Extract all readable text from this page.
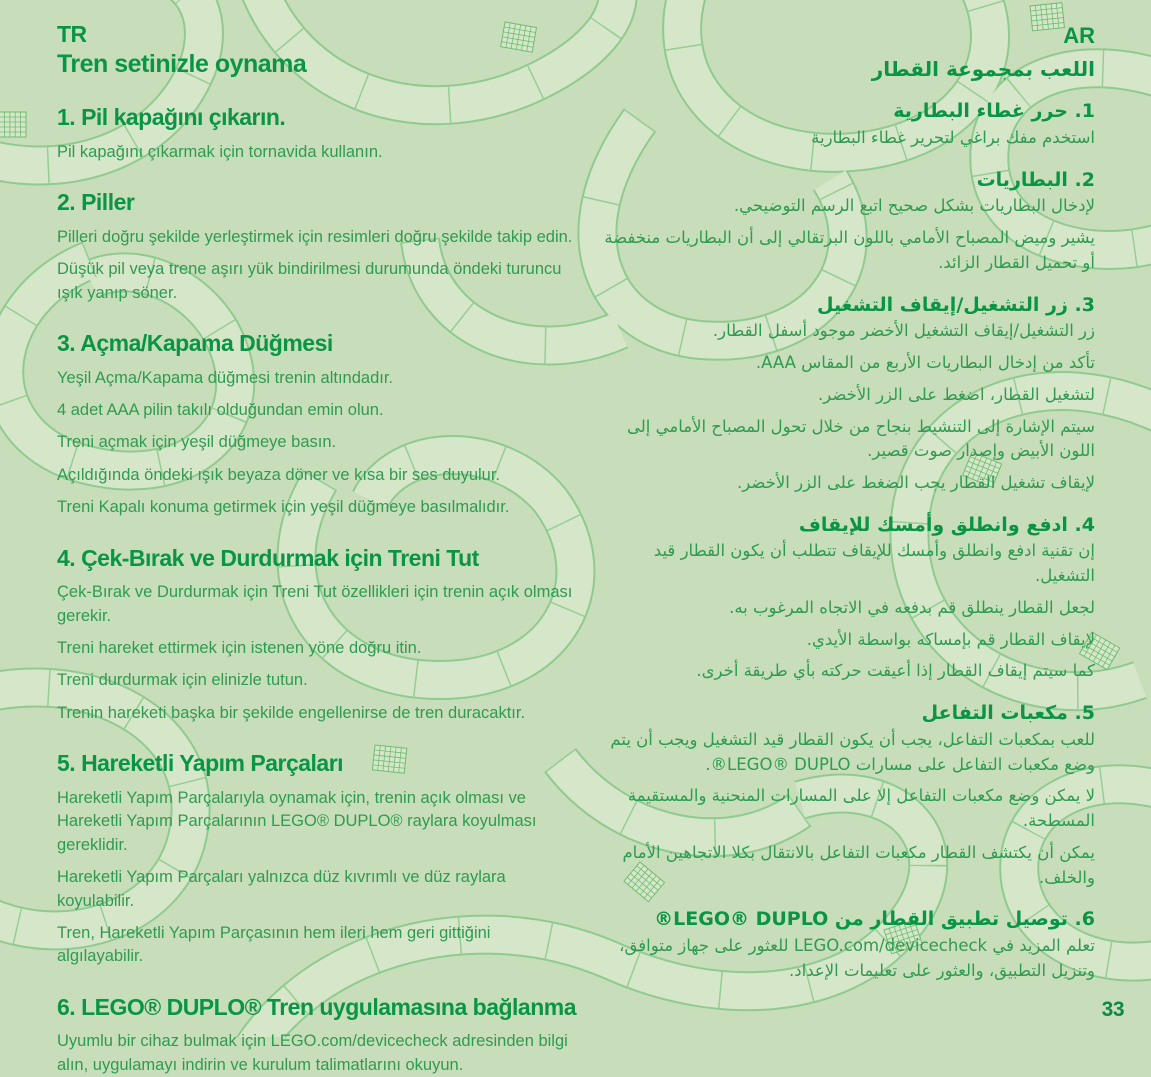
TR
Tren setinizle oynama
1. Pil kapağını çıkarın.

Pil kapağını çıkarmak için tornavida kullanın.

2. Piller

Pilleri doğru şekilde yerleştirmek için resimleri doğru şekilde takip edin.

Düşük pil veya trene aşırı yük bindirilmesi durumunda öndeki turuncu ışık yanıp söner.

3. Açma/Kapama Düğmesi

Yeşil Açma/Kapama düğmesi trenin altındadır.

4 adet AAA pilin takılı olduğundan emin olun.

Treni açmak için yeşil düğmeye basın.

Açıldığında öndeki ışık beyaza döner ve kısa bir ses duyulur.

Treni Kapalı konuma getirmek için yeşil düğmeye basılmalıdır.

4. Çek-Bırak ve Durdurmak için Treni Tut

Çek-Bırak ve Durdurmak için Treni Tut özellikleri için trenin açık olması gerekir.

Treni hareket ettirmek için istenen yöne doğru itin.

Treni durdurmak için elinizle tutun.

Trenin hareketi başka bir şekilde engellenirse de tren duracaktır.

5. Hareketli Yapım Parçaları

Hareketli Yapım Parçalarıyla oynamak için, trenin açık olması ve Hareketli Yapım Parçalarının LEGO® DUPLO® raylara koyulması gereklidir.

Hareketli Yapım Parçaları yalnızca düz kıvrımlı ve düz raylara koyulabilir.

Tren, Hareketli Yapım Parçasının hem ileri hem geri gittiğini algılayabilir.

6. LEGO® DUPLO® Tren uygulamasına bağlanma

Uyumlu bir cihaz bulmak için LEGO.com/devicecheck adresinden bilgi alın, uygulamayı indirin ve kurulum talimatlarını okuyun.

AR
اللعب بمجموعة القطار
1. حرر غطاء البطارية

استخدم مفك براغي لتحرير غطاء البطارية

2. البطاريات

لإدخال البطاريات بشكل صحيح اتبع الرسم التوضيحي.

يشير وميض المصباح الأمامي باللون البرتقالي إلى أن البطاريات منخفضة أو تحميل القطار الزائد.

3. زر التشغيل/إيقاف التشغيل

زر التشغيل/إيقاف التشغيل الأخضر موجود أسفل القطار.

تأكد من إدخال البطاريات الأربع من المقاس AAA.

لتشغيل القطار، اضغط على الزر الأخضر.

سيتم الإشارة إلى التنشيط بنجاح من خلال تحول المصباح الأمامي إلى اللون الأبيض وإصدار صوت قصير.

لإيقاف تشغيل القطار يجب الضغط على الزر الأخضر.

4. ادفع وانطلق وأمسك للإيقاف

إن تقنية ادفع وانطلق وأمسك للإيقاف تتطلب أن يكون القطار قيد التشغيل.

لجعل القطار ينطلق قم بدفعه في الاتجاه المرغوب به.

لإيقاف القطار قم بإمساكه بواسطة الأيدي.

كما سيتم إيقاف القطار إذا أعيقت حركته بأي طريقة أخرى.

5. مكعبات التفاعل

للعب بمكعبات التفاعل، يجب أن يكون القطار قيد التشغيل ويجب أن يتم وضع مكعبات التفاعل على مسارات LEGO® DUPLO®.

لا يمكن وضع مكعبات التفاعل إلا على المسارات المنحنية والمستقيمة المسطحة.

يمكن أن يكتشف القطار مكعبات التفاعل بالانتقال بكلا الاتجاهين الأمام والخلف.

6. توصيل تطبيق القطار من LEGO® DUPLO®

تعلم المزيد في LEGO.com/devicecheck للعثور على جهاز متوافق، وتنزيل التطبيق، والعثور على تعليمات الإعداد.

33
